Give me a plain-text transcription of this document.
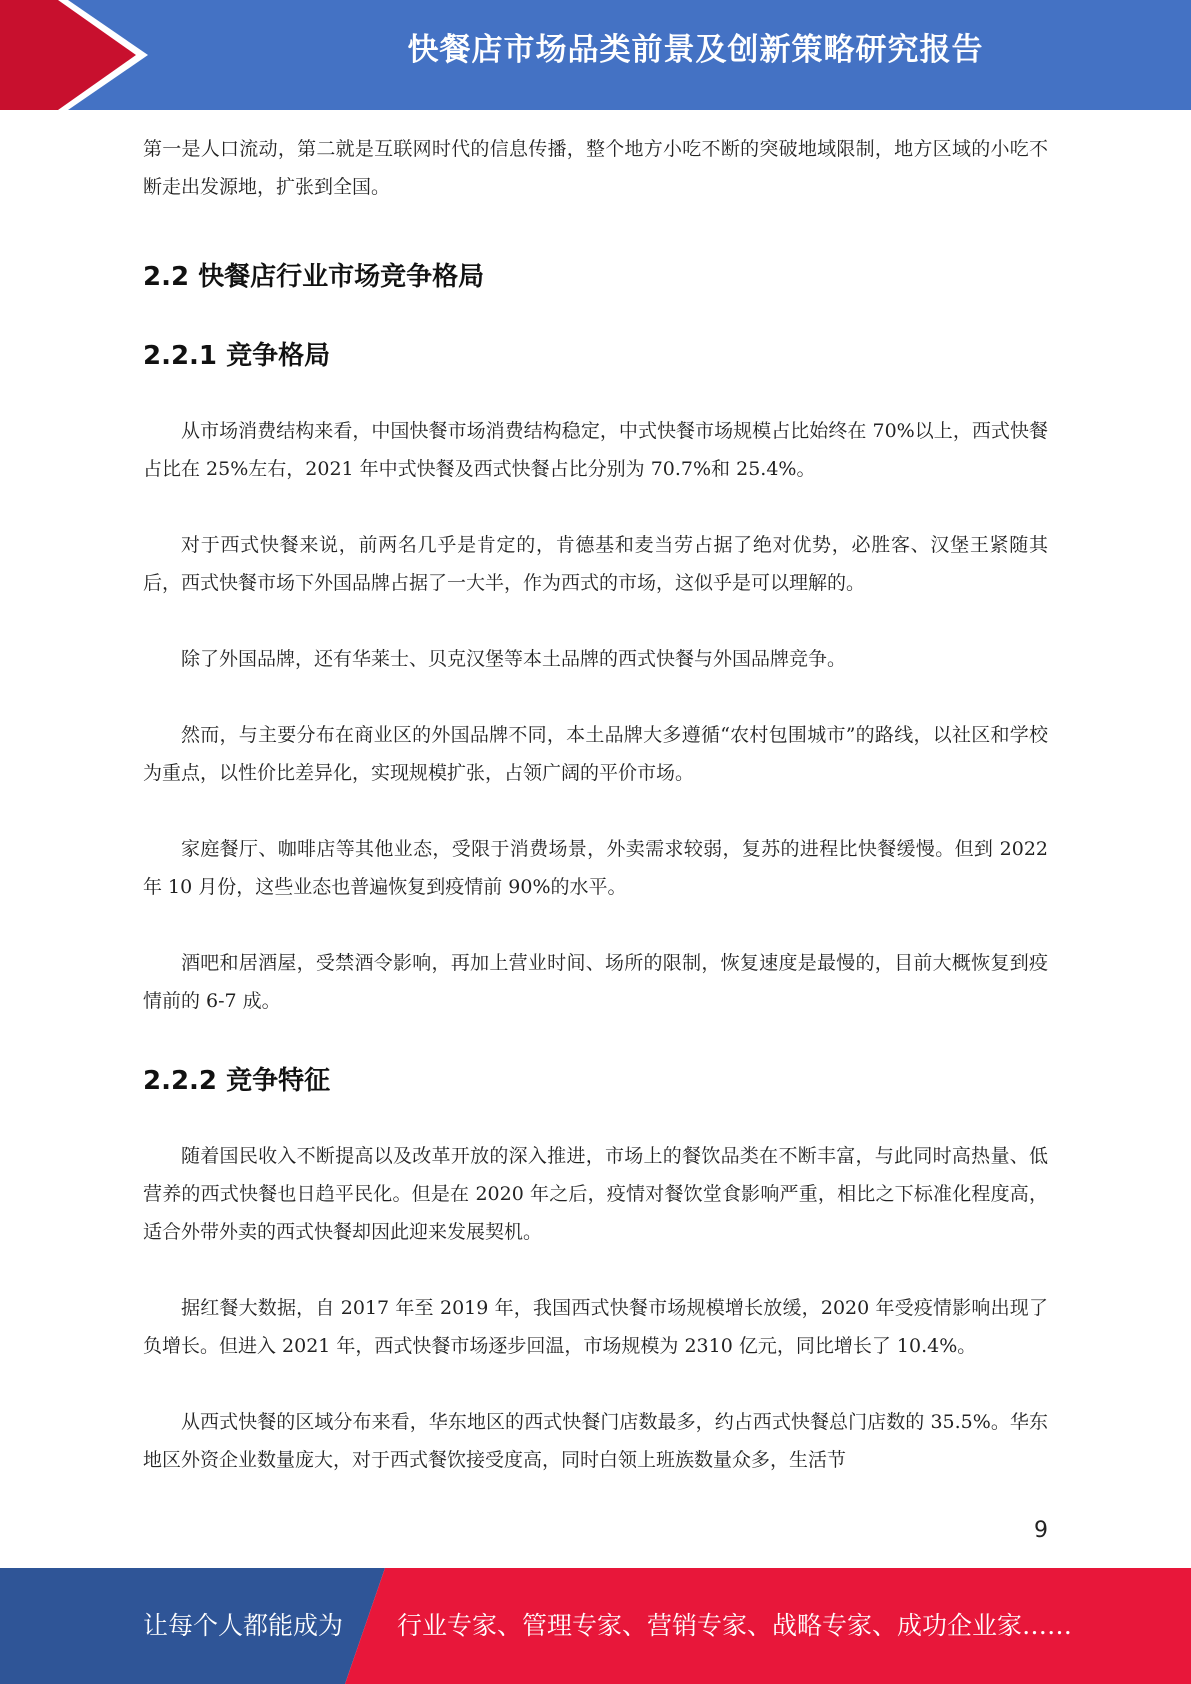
快餐店市场品类前景及创新策略研究报告

第一是人口流动，第二就是互联网时代的信息传播，整个地方小吃不断的突破地域限制，地方区域的小吃不断走出发源地，扩张到全国。

2.2 快餐店行业市场竞争格局
2.2.1 竞争格局

从市场消费结构来看，中国快餐市场消费结构稳定，中式快餐市场规模占比始终在 70%以上，西式快餐占比在 25%左右，2021 年中式快餐及西式快餐占比分别为 70.7%和 25.4%。

对于西式快餐来说，前两名几乎是肯定的，肯德基和麦当劳占据了绝对优势，必胜客、汉堡王紧随其后，西式快餐市场下外国品牌占据了一大半，作为西式的市场，这似乎是可以理解的。

除了外国品牌，还有华莱士、贝克汉堡等本土品牌的西式快餐与外国品牌竞争。

然而，与主要分布在商业区的外国品牌不同，本土品牌大多遵循“农村包围城市”的路线，以社区和学校为重点，以性价比差异化，实现规模扩张，占领广阔的平价市场。

家庭餐厅、咖啡店等其他业态，受限于消费场景，外卖需求较弱，复苏的进程比快餐缓慢。但到 2022 年 10 月份，这些业态也普遍恢复到疫情前 90%的水平。

酒吧和居酒屋，受禁酒令影响，再加上营业时间、场所的限制，恢复速度是最慢的，目前大概恢复到疫情前的 6-7 成。

2.2.2 竞争特征

随着国民收入不断提高以及改革开放的深入推进，市场上的餐饮品类在不断丰富，与此同时高热量、低营养的西式快餐也日趋平民化。但是在 2020 年之后，疫情对餐饮堂食影响严重，相比之下标准化程度高，适合外带外卖的西式快餐却因此迎来发展契机。

据红餐大数据，自 2017 年至 2019 年，我国西式快餐市场规模增长放缓，2020 年受疫情影响出现了负增长。但进入 2021 年，西式快餐市场逐步回温，市场规模为 2310 亿元，同比增长了 10.4%。

从西式快餐的区域分布来看，华东地区的西式快餐门店数最多，约占西式快餐总门店数的 35.5%。华东地区外资企业数量庞大，对于西式餐饮接受度高，同时白领上班族数量众多，生活节

9
让每个人都能成为 行业专家、管理专家、营销专家、战略专家、成功企业家……
